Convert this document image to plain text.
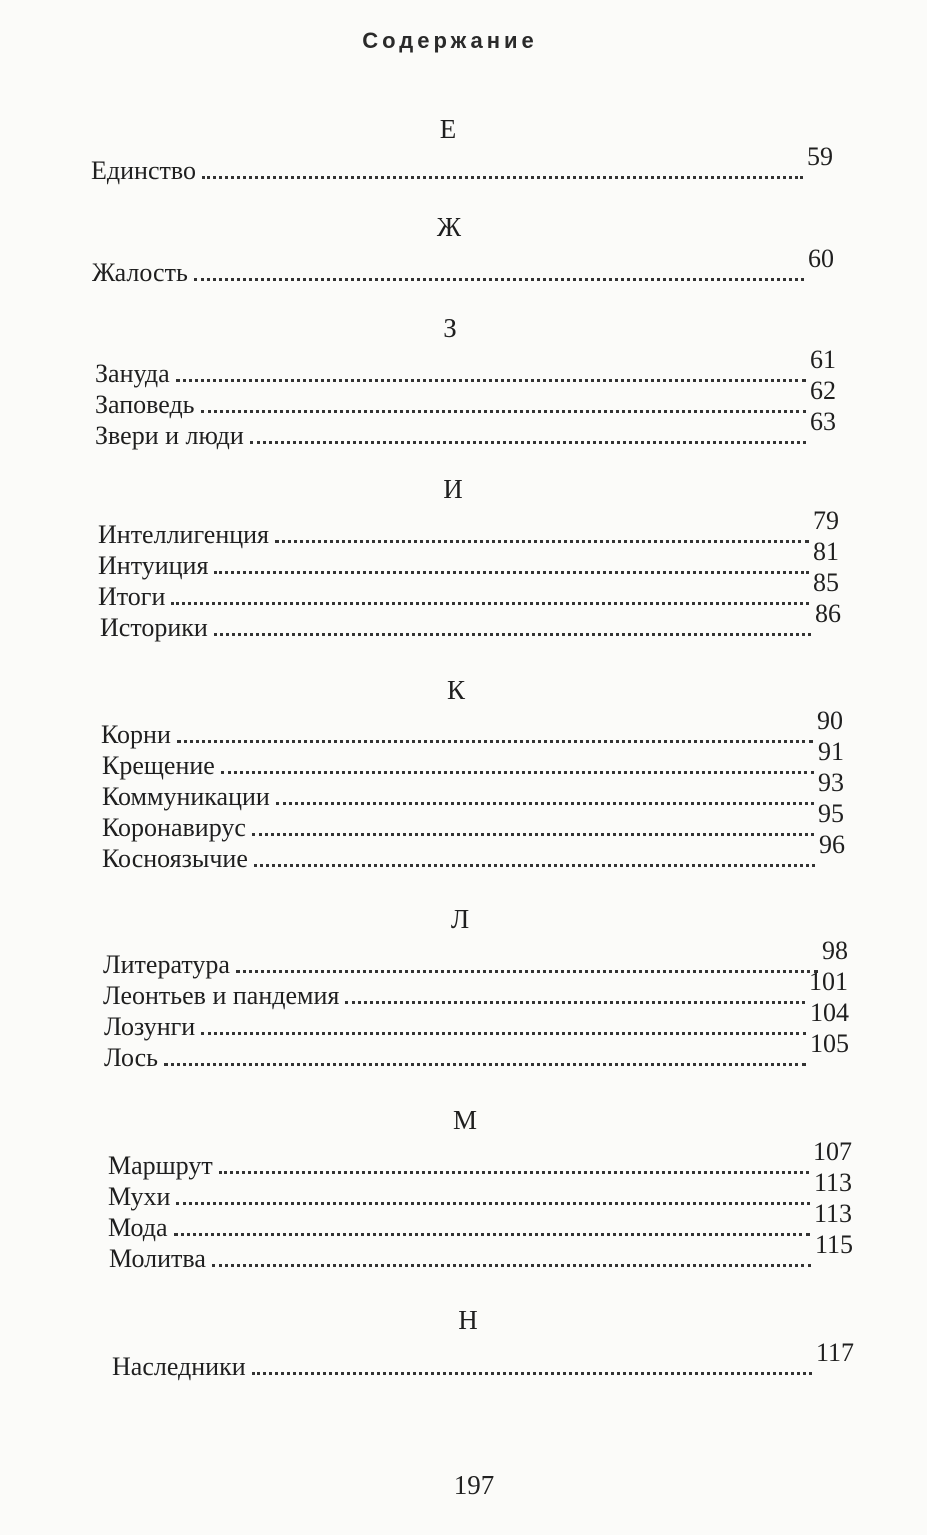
Содержание
Е
Единство	59
Ж
Жалость	60
З
Зануда	61
Заповедь	62
Звери и люди	63
И
Интеллигенция	79
Интуиция	81
Итоги	85
Историки	86
К
Корни	90
Крещение	91
Коммуникации	93
Коронавирус	95
Косноязычие	96
Л
Литература	98
Леонтьев и пандемия	101
Лозунги	104
Лось	105
М
Маршрут	107
Мухи	113
Мода	113
Молитва	115
Н
Наследники	117
197
